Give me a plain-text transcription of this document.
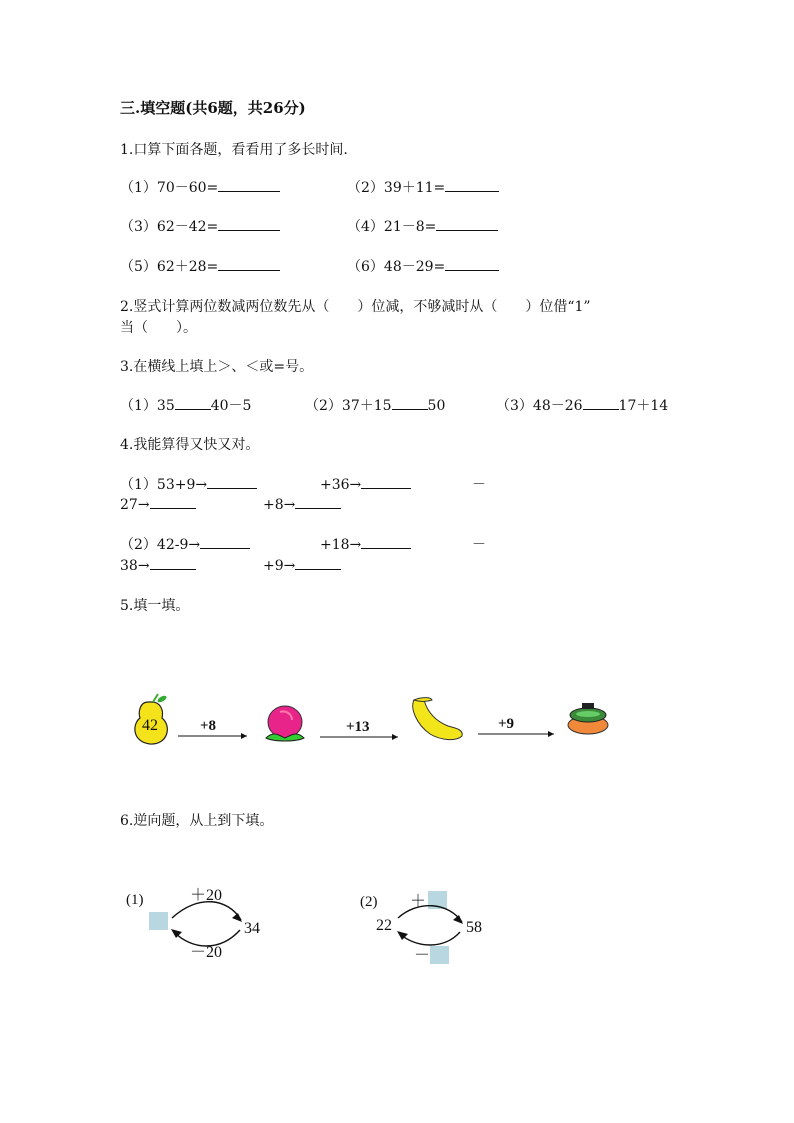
三.填空题(共6题，共26分)
1.口算下面各题，看看用了多长时间.
（1）70－60=	（2）39＋11=
（3）62－42=	（4）21－8=
（5）62＋28=	（6）48－29=
2.竖式计算两位数减两位数先从（　　）位减，不够减时从（　　）位借“1”
当（　　）。
3.在横线上填上＞、＜或=号。
（1）35	40－5	（2）37＋15	50	（3）48－26	17＋14
4.我能算得又快又对。
（1）53+9→	+36→	－
27→	+8→
（2）42-9→	+18→	－
38→	+9→
5.填一填。
42	+8	+13	+9
6.逆向题，从上到下填。
(1)	＋20
34
－20
(2) ＋
22	58
－
